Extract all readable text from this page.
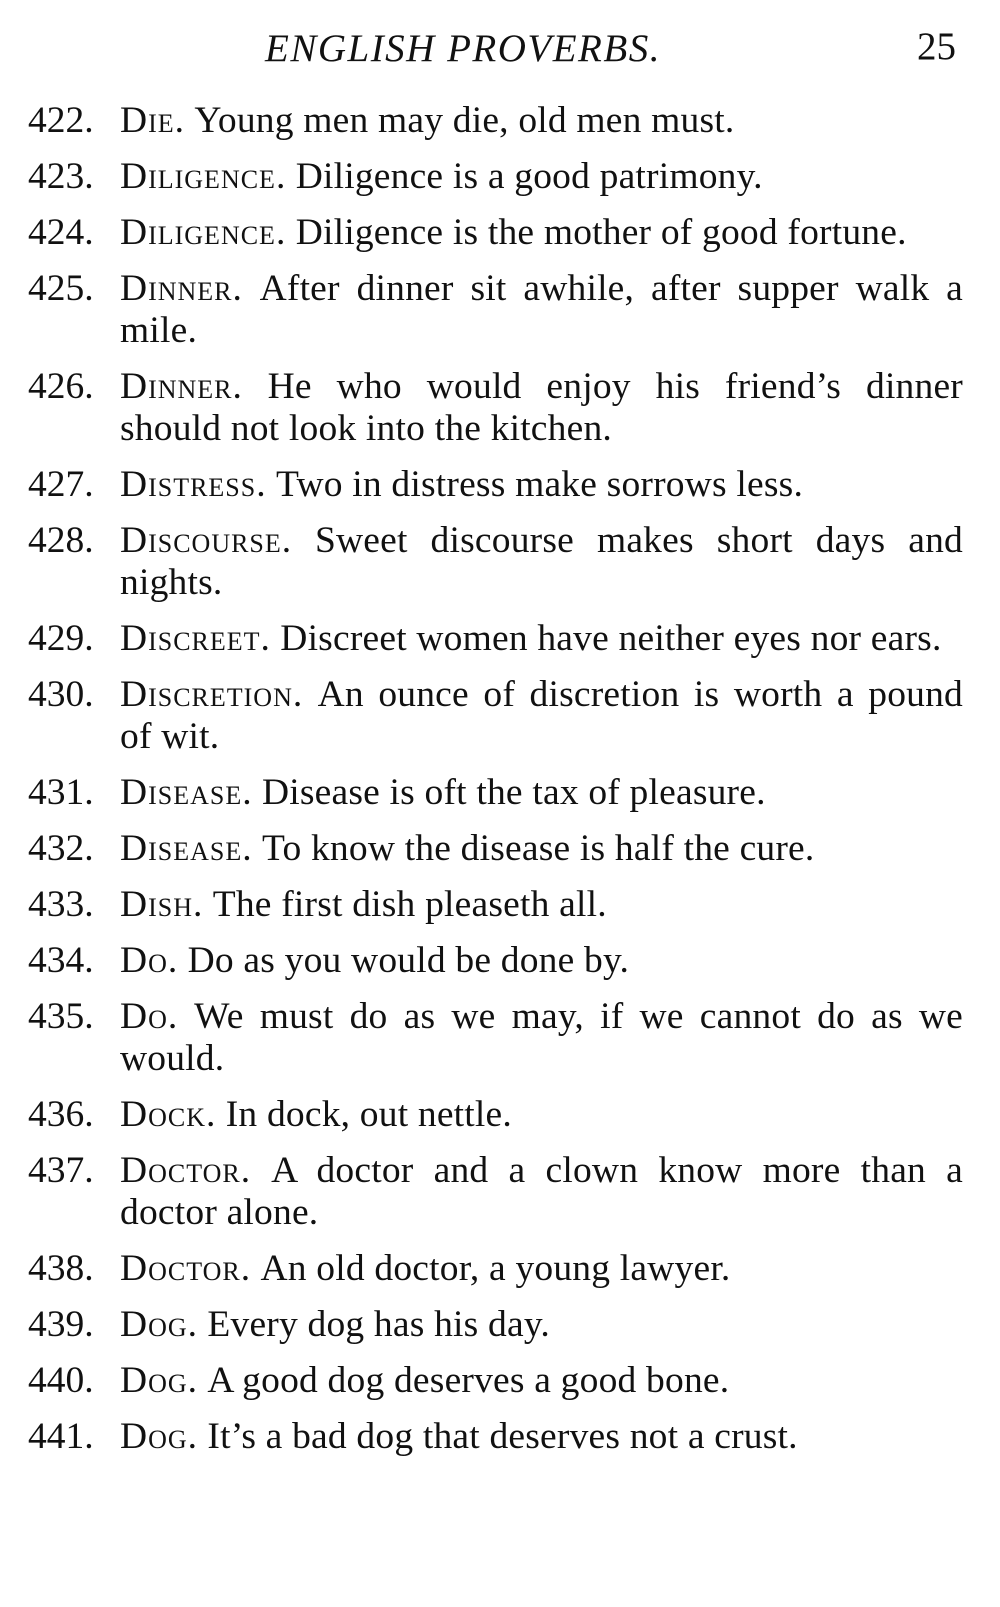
ENGLISH PROVERBS.	25
422. Die. Young men may die, old men must.
423. Diligence. Diligence is a good patrimony.
424. Diligence. Diligence is the mother of good fortune.
425. Dinner. After dinner sit awhile, after supper walk a mile.
426. Dinner. He who would enjoy his friend’s dinner should not look into the kitchen.
427. Distress. Two in distress make sorrows less.
428. Discourse. Sweet discourse makes short days and nights.
429. Discreet. Discreet women have neither eyes nor ears.
430. Discretion. An ounce of discretion is worth a pound of wit.
431. Disease. Disease is oft the tax of pleasure.
432. Disease. To know the disease is half the cure.
433. Dish. The first dish pleaseth all.
434. Do. Do as you would be done by.
435. Do. We must do as we may, if we cannot do as we would.
436. Dock. In dock, out nettle.
437. Doctor. A doctor and a clown know more than a doctor alone.
438. Doctor. An old doctor, a young lawyer.
439. Dog. Every dog has his day.
440. Dog. A good dog deserves a good bone.
441. Dog. It’s a bad dog that deserves not a crust.
